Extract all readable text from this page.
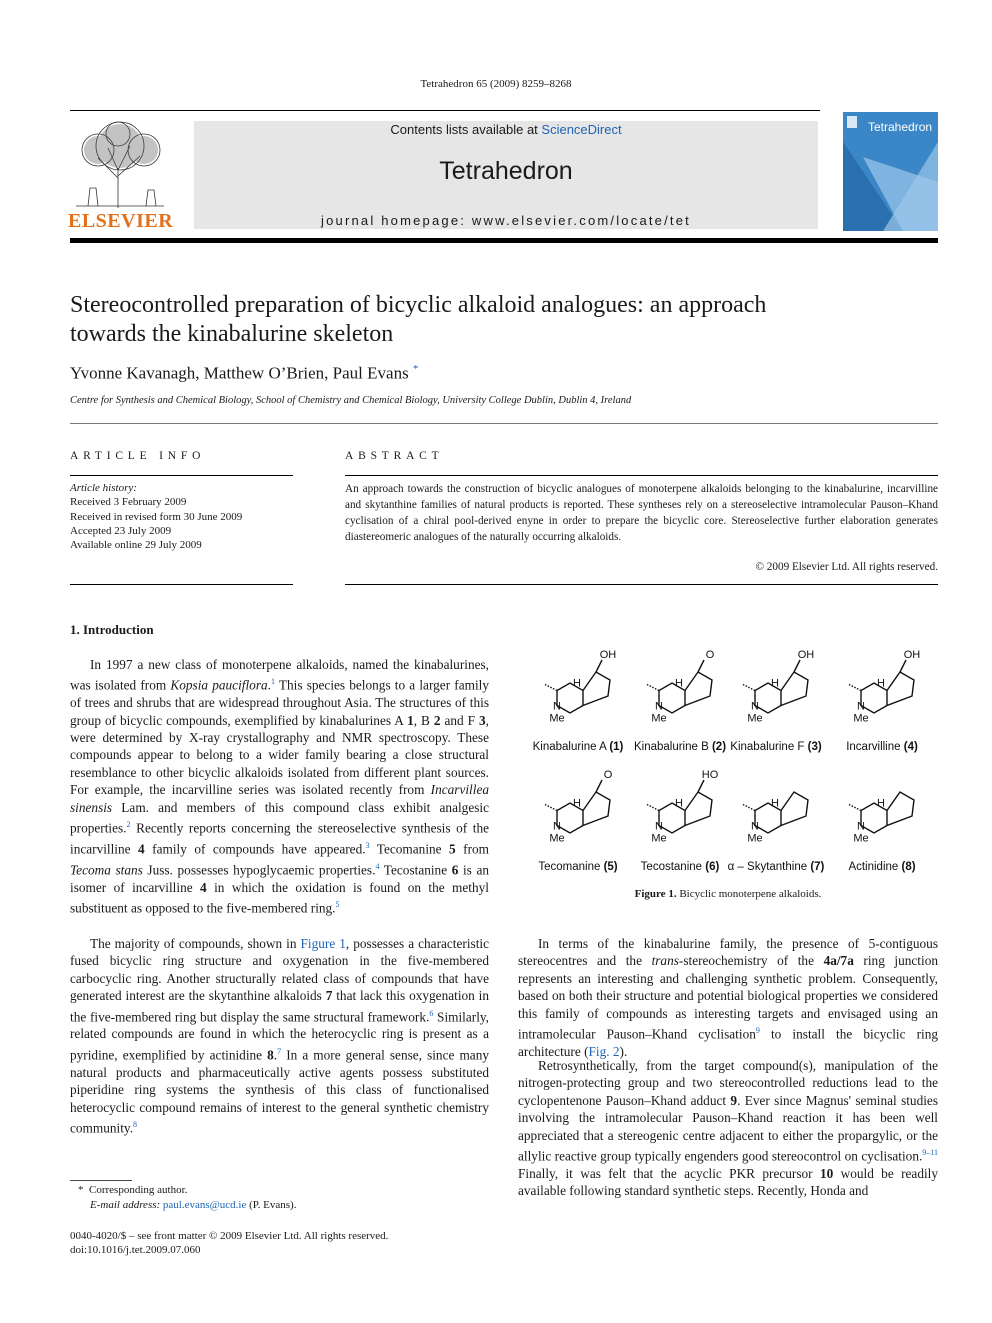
Tetrahedron 65 (2009) 8259–8268
ELSEVIER
Contents lists available at ScienceDirect
Tetrahedron
journal homepage: www.elsevier.com/locate/tet
Tetrahedron
Stereocontrolled preparation of bicyclic alkaloid analogues: an approach
towards the kinabalurine skeleton
Yvonne Kavanagh, Matthew O’Brien, Paul Evans *
Centre for Synthesis and Chemical Biology, School of Chemistry and Chemical Biology, University College Dublin, Dublin 4, Ireland
ARTICLE INFO
Article history:
Received 3 February 2009
Received in revised form 30 June 2009
Accepted 23 July 2009
Available online 29 July 2009
ABSTRACT
An approach towards the construction of bicyclic analogues of monoterpene alkaloids belonging to the kinabalurine, incarvilline and skytanthine families of natural products is reported. These syntheses rely on a stereoselective intramolecular Pauson–Khand cyclisation of a chiral pool-derived enyne in order to prepare the bicyclic core. Stereoselective further elaboration generates diastereomeric analogues of the naturally occurring alkaloids.
© 2009 Elsevier Ltd. All rights reserved.
1. Introduction
In 1997 a new class of monoterpene alkaloids, named the kinabalurines, was isolated from Kopsia pauciflora.$^1$ This species belongs to a larger family of trees and shrubs that are widespread throughout Asia. The structures of this group of bicyclic compounds, exemplified by kinabalurines A 1, B 2 and F 3, were determined by X-ray crystallography and NMR spectroscopy. These compounds appear to belong to a wider family bearing a close structural resemblance to other bicyclic alkaloids isolated from different plant sources. For example, the incarvilline series was isolated recently from Incarvillea sinensis Lam. and members of this compound class exhibit analgesic properties.$^2$ Recently reports concerning the stereoselective synthesis of the incarvilline 4 family of compounds have appeared.$^3$ Tecomanine 5 from Tecoma stans Juss. possesses hypoglycaemic properties.$^4$ Tecostanine 6 is an isomer of incarvilline 4 in which the oxidation is found on the methyl substituent as opposed to the five-membered ring.$^5$
The majority of compounds, shown in Figure 1, possesses a characteristic fused bicyclic ring structure and oxygenation in the five-membered carbocyclic ring. Another structurally related class of compounds that have generated interest are the skytanthine alkaloids 7 that lack this oxygenation in the five-membered ring but display the same structural framework.$^6$ Similarly, related compounds are found in which the heterocyclic ring is present as a pyridine, exemplified by actinidine 8.$^7$ In a more general sense, since many natural products and pharmaceutically active agents possess substituted piperidine ring systems the synthesis of this class of functionalised heterocyclic compound remains of interest to the general synthetic chemistry community.$^8$
OH
H
N
Me
Kinabalurine A (1)
O
H
N
Me
Kinabalurine B (2)
OH
H
N
Me
Kinabalurine F (3)
OH
H
N
Me
Incarvilline (4)
O
H
N
Me
Tecomanine (5)
HO
H
N
Me
Tecostanine (6)
H
N
Me
α – Skytanthine (7)
H
N
Me
Actinidine (8)
Figure 1. Bicyclic monoterpene alkaloids.
In terms of the kinabalurine family, the presence of 5-contiguous stereocentres and the trans-stereochemistry of the 4a/7a ring junction represents an interesting and challenging synthetic problem. Consequently, based on both their structure and potential biological properties we considered this family of compounds as interesting targets and envisaged using an intramolecular Pauson–Khand cyclisation$^9$ to install the bicyclic ring architecture (Fig. 2).
Retrosynthetically, from the target compound(s), manipulation of the nitrogen-protecting group and two stereocontrolled reductions lead to the cyclopentenone Pauson–Khand adduct 9. Ever since Magnus' seminal studies involving the intramolecular Pauson–Khand reaction it has been well appreciated that a stereogenic centre adjacent to either the propargylic, or the allylic reactive group typically engenders good stereocontrol on cyclisation.$^{9-11}$ Finally, it was felt that the acyclic PKR precursor 10 would be readily available following standard synthetic steps. Recently, Honda and
*  Corresponding author.
E-mail address: paul.evans@ucd.ie (P. Evans).
0040-4020/$ – see front matter © 2009 Elsevier Ltd. All rights reserved.
doi:10.1016/j.tet.2009.07.060
